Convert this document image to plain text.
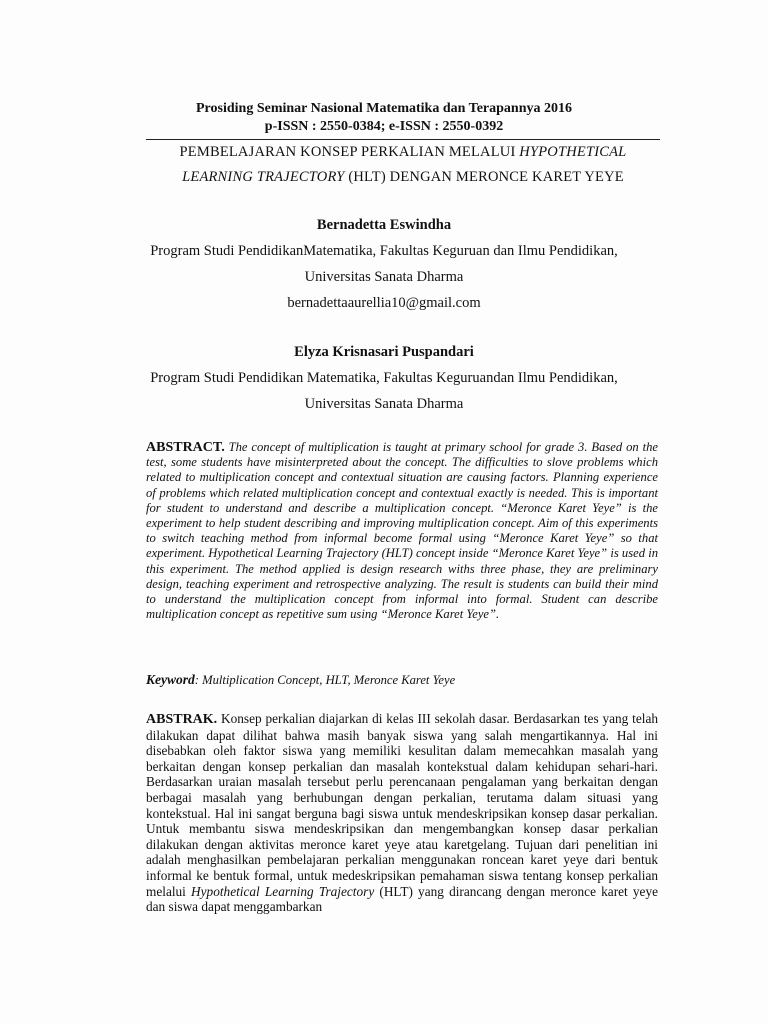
Prosiding Seminar Nasional Matematika dan Terapannya 2016
p-ISSN : 2550-0384; e-ISSN : 2550-0392
PEMBELAJARAN KONSEP PERKALIAN MELALUI HYPOTHETICAL LEARNING TRAJECTORY (HLT) DENGAN MERONCE KARET YEYE
Bernadetta Eswindha
Program Studi PendidikanMatematika, Fakultas Keguruan dan Ilmu Pendidikan,
Universitas Sanata Dharma
bernadettaaurellia10@gmail.com
Elyza Krisnasari Puspandari
Program Studi Pendidikan Matematika, Fakultas Keguruandan Ilmu Pendidikan,
Universitas Sanata Dharma
ABSTRACT. The concept of multiplication is taught at primary school for grade 3. Based on the test, some students have misinterpreted about the concept. The difficulties to slove problems which related to multiplication concept and contextual situation are causing factors. Planning experience of problems which related multiplication concept and contextual exactly is needed. This is important for student to understand and describe a multiplication concept. “Meronce Karet Yeye” is the experiment to help student describing and improving multiplication concept. Aim of this experiments to switch teaching method from informal become formal using “Meronce Karet Yeye” so that experiment. Hypothetical Learning Trajectory (HLT) concept inside “Meronce Karet Yeye” is used in this experiment. The method applied is design research withs three phase, they are preliminary design, teaching experiment and retrospective analyzing. The result is students can build their mind to understand the multiplication concept from informal into formal. Student can describe multiplication concept as repetitive sum using “Meronce Karet Yeye”.
Keyword: Multiplication Concept, HLT, Meronce Karet Yeye
ABSTRAK. Konsep perkalian diajarkan di kelas III sekolah dasar. Berdasarkan tes yang telah dilakukan dapat dilihat bahwa masih banyak siswa yang salah mengartikannya. Hal ini disebabkan oleh faktor siswa yang memiliki kesulitan dalam memecahkan masalah yang berkaitan dengan konsep perkalian dan masalah kontekstual dalam kehidupan sehari-hari. Berdasarkan uraian masalah tersebut perlu perencanaan pengalaman yang berkaitan dengan berbagai masalah yang berhubungan dengan perkalian, terutama dalam situasi yang kontekstual. Hal ini sangat berguna bagi siswa untuk mendeskripsikan konsep dasar perkalian. Untuk membantu siswa mendeskripsikan dan mengembangkan konsep dasar perkalian dilakukan dengan aktivitas meronce karet yeye atau karetgelang. Tujuan dari penelitian ini adalah menghasilkan pembelajaran perkalian menggunakan roncean karet yeye dari bentuk informal ke bentuk formal, untuk medeskripsikan pemahaman siswa tentang konsep perkalian melalui Hypothetical Learning Trajectory (HLT) yang dirancang dengan meronce karet yeye dan siswa dapat menggambarkan
